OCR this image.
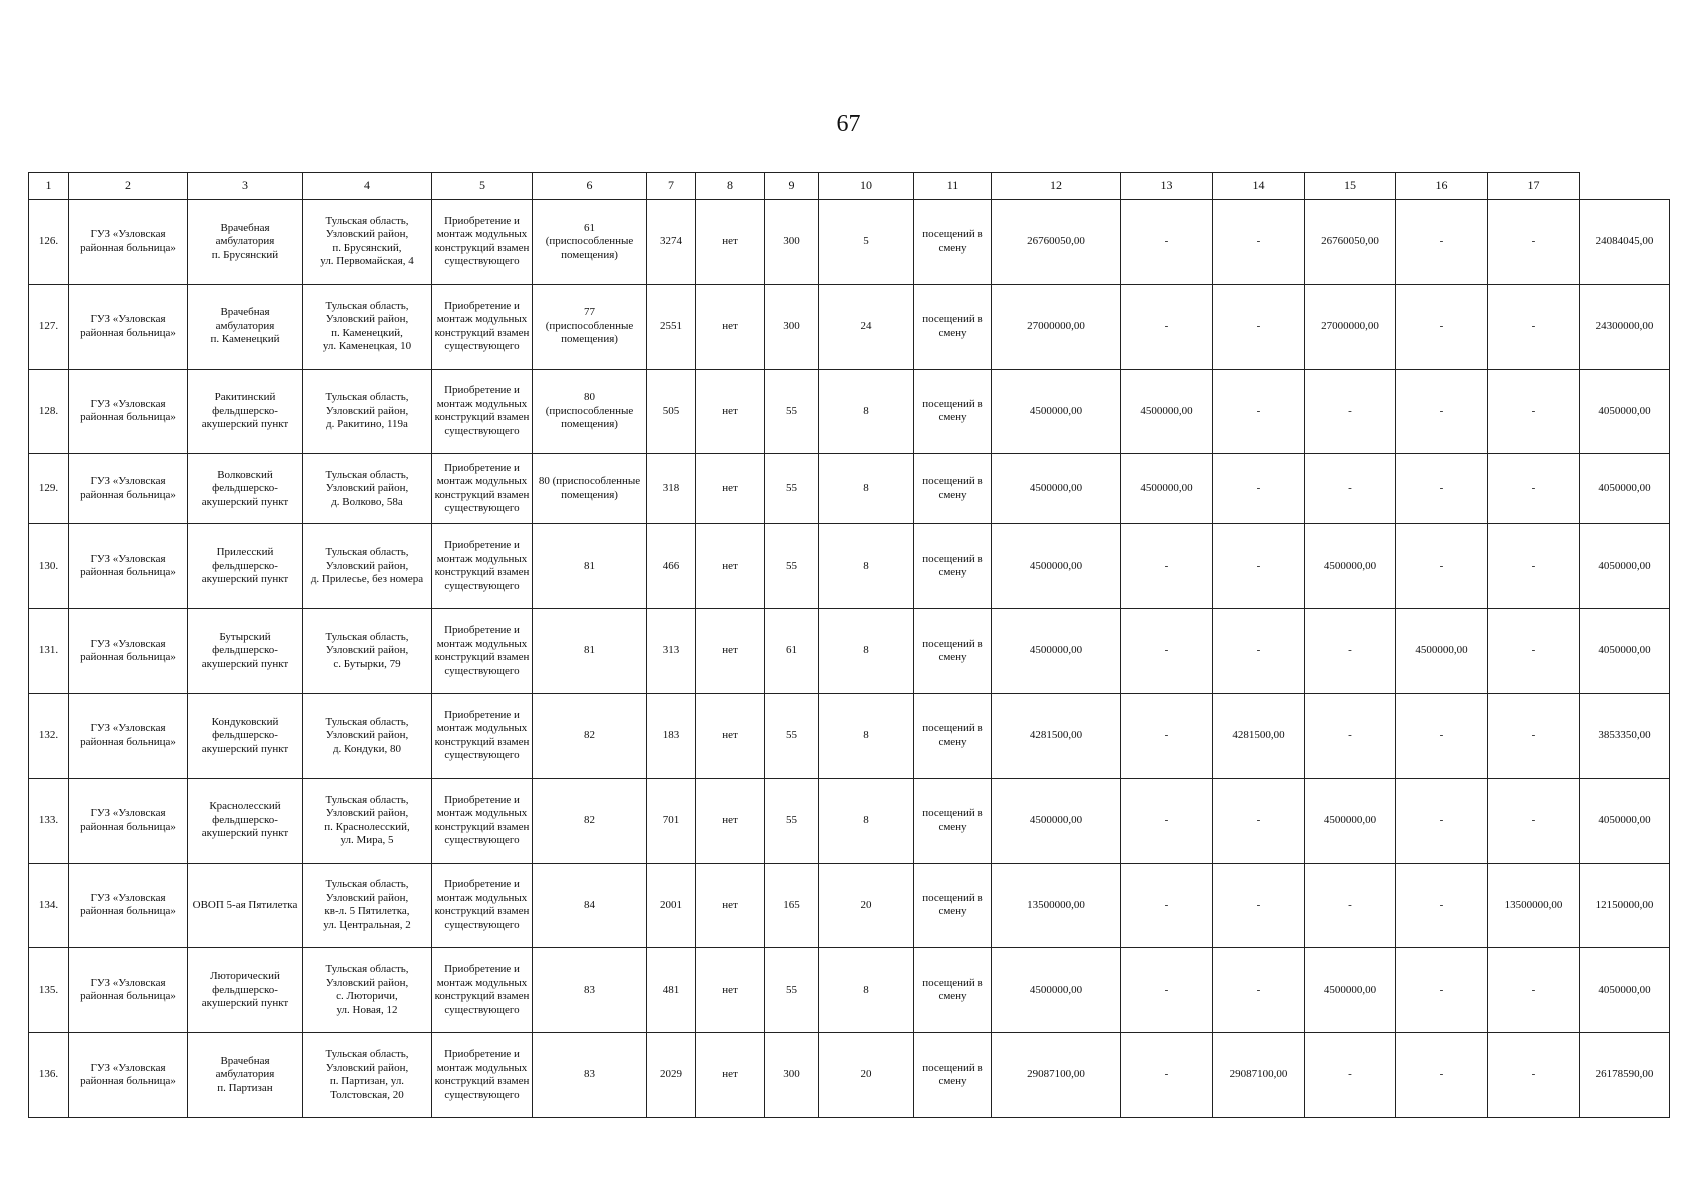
67
1	2	3	4	5	6	7	8	9	10	11	12	13	14	15	16	17	
126.	ГУЗ «Узловская районная больница»	Врачебная
амбулатория
п. Брусянский	Тульская область,
Узловский район,
п. Брусянский,
ул. Первомайская, 4	Приобретение и монтаж модульных конструкций взамен существующего	61
(приспособленные
помещения)	3274	нет	300	5	посещений в смену	26760050,00	-	-	26760050,00	-	-	24084045,00
127.	ГУЗ «Узловская районная больница»	Врачебная
амбулатория
п. Каменецкий	Тульская область,
Узловский район,
п. Каменецкий,
ул. Каменецкая, 10	Приобретение и монтаж модульных конструкций взамен существующего	77
(приспособленные
помещения)	2551	нет	300	24	посещений в смену	27000000,00	-	-	27000000,00	-	-	24300000,00
128.	ГУЗ «Узловская районная больница»	Ракитинский
фельдшерско-
акушерский пункт	Тульская область,
Узловский район,
д. Ракитино, 119а	Приобретение и монтаж модульных конструкций взамен существующего	80
(приспособленные
помещения)	505	нет	55	8	посещений в смену	4500000,00	4500000,00	-	-	-	-	4050000,00
129.	ГУЗ «Узловская районная больница»	Волковский
фельдшерско-
акушерский пункт	Тульская область,
Узловский район,
д. Волково, 58а	Приобретение и монтаж модульных конструкций взамен существующего	80 (приспособленные помещения)	318	нет	55	8	посещений в смену	4500000,00	4500000,00	-	-	-	-	4050000,00
130.	ГУЗ «Узловская районная больница»	Прилесский
фельдшерско-
акушерский пункт	Тульская область,
Узловский район,
д. Прилесье, без номера	Приобретение и монтаж модульных конструкций взамен существующего	81	466	нет	55	8	посещений в смену	4500000,00	-	-	4500000,00	-	-	4050000,00
131.	ГУЗ «Узловская районная больница»	Бутырский
фельдшерско-
акушерский пункт	Тульская область,
Узловский район,
с. Бутырки, 79	Приобретение и монтаж модульных конструкций взамен существующего	81	313	нет	61	8	посещений в смену	4500000,00	-	-	-	4500000,00	-	4050000,00
132.	ГУЗ «Узловская районная больница»	Кондуковский
фельдшерско-
акушерский пункт	Тульская область,
Узловский район,
д. Кондуки, 80	Приобретение и монтаж модульных конструкций взамен существующего	82	183	нет	55	8	посещений в смену	4281500,00	-	4281500,00	-	-	-	3853350,00
133.	ГУЗ «Узловская районная больница»	Краснолесский
фельдшерско-
акушерский пункт	Тульская область,
Узловский район,
п. Краснолесский,
ул. Мира, 5	Приобретение и монтаж модульных конструкций взамен существующего	82	701	нет	55	8	посещений в смену	4500000,00	-	-	4500000,00	-	-	4050000,00
134.	ГУЗ «Узловская районная больница»	ОВОП 5-ая Пятилетка	Тульская область,
Узловский район,
кв-л. 5 Пятилетка,
ул. Центральная, 2	Приобретение и монтаж модульных конструкций взамен существующего	84	2001	нет	165	20	посещений в смену	13500000,00	-	-	-	-	13500000,00	12150000,00
135.	ГУЗ «Узловская районная больница»	Люторический
фельдшерско-
акушерский пункт	Тульская область,
Узловский район,
с. Люторичи,
ул. Новая, 12	Приобретение и монтаж модульных конструкций взамен существующего	83	481	нет	55	8	посещений в смену	4500000,00	-	-	4500000,00	-	-	4050000,00
136.	ГУЗ «Узловская районная больница»	Врачебная
амбулатория
п. Партизан	Тульская область,
Узловский район,
п. Партизан, ул.
Толстовская, 20	Приобретение и монтаж модульных конструкций взамен существующего	83	2029	нет	300	20	посещений в смену	29087100,00	-	29087100,00	-	-	-	26178590,00
